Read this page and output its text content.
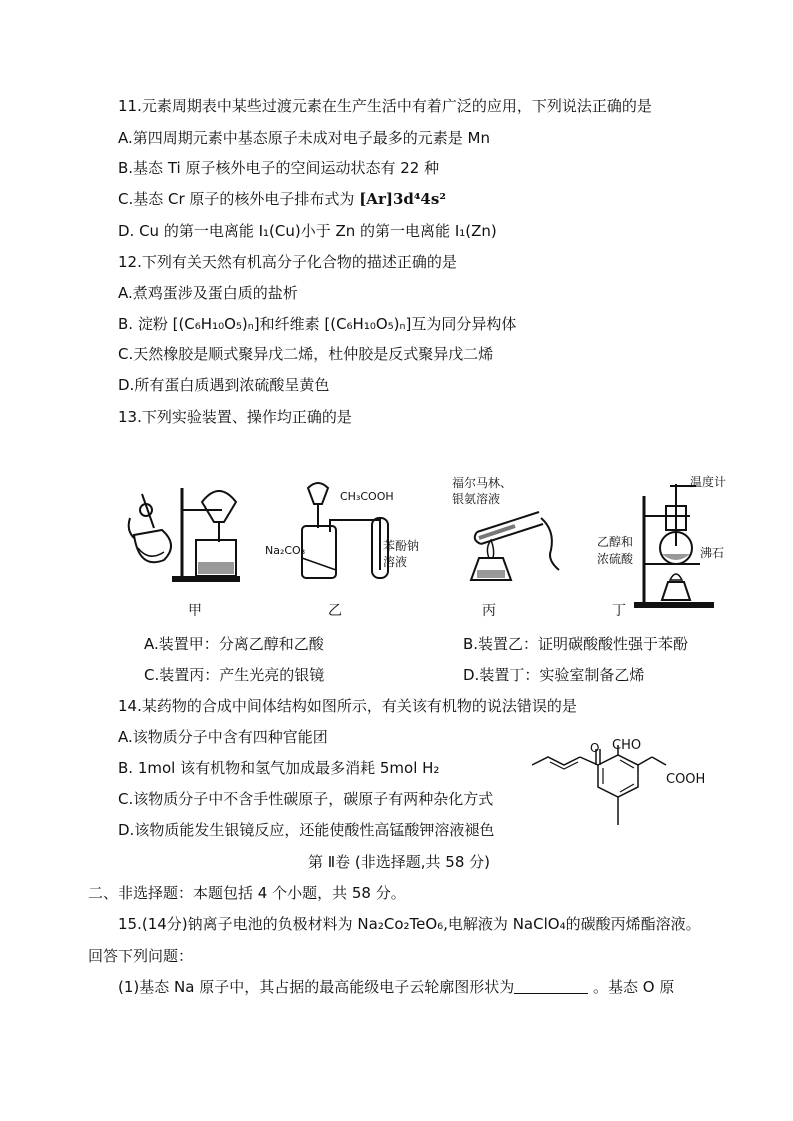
11.元素周期表中某些过渡元素在生产生活中有着广泛的应用，下列说法正确的是
A.第四周期元素中基态原子未成对电子最多的元素是 Mn
B.基态 Ti 原子核外电子的空间运动状态有 22 种
C.基态 Cr 原子的核外电子排布式为 [Ar]3d⁴4s²
D. Cu 的第一电离能 I₁(Cu)小于 Zn 的第一电离能 I₁(Zn)
12.下列有关天然有机高分子化合物的描述正确的是
A.煮鸡蛋涉及蛋白质的盐析
B. 淀粉 [(C₆H₁₀O₅)ₙ]和纤维素 [(C₆H₁₀O₅)ₙ]互为同分异构体
C.天然橡胶是顺式聚异戊二烯，杜仲胶是反式聚异戊二烯
D.所有蛋白质遇到浓硫酸呈黄色
13.下列实验装置、操作均正确的是
甲
CH₃COOH
Na₂CO₃	苯酚钠
溶液
乙
福尔马林、
银氨溶液
丙
温度计
乙醇和
浓硫酸	沸石
丁
A.装置甲：分离乙醇和乙酸	B.装置乙：证明碳酸酸性强于苯酚
C.装置丙：产生光亮的银镜	D.装置丁：实验室制备乙烯
14.某药物的合成中间体结构如图所示，有关该有机物的说法错误的是
A.该物质分子中含有四种官能团
B. 1mol 该有机物和氢气加成最多消耗 5mol H₂
C.该物质分子中不含手性碳原子，碳原子有两种杂化方式
D.该物质能发生银镜反应，还能使酸性高锰酸钾溶液褪色
O CHO
COOH
第 Ⅱ卷 (非选择题,共 58 分)
二、非选择题：本题包括 4 个小题，共 58 分。
15.(14分)钠离子电池的负极材料为 Na₂Co₂TeO₆,电解液为 NaClO₄的碳酸丙烯酯溶液。
回答下列问题：
(1)基态 Na 原子中，其占据的最高能级电子云轮廓图形状为	。基态 O 原
